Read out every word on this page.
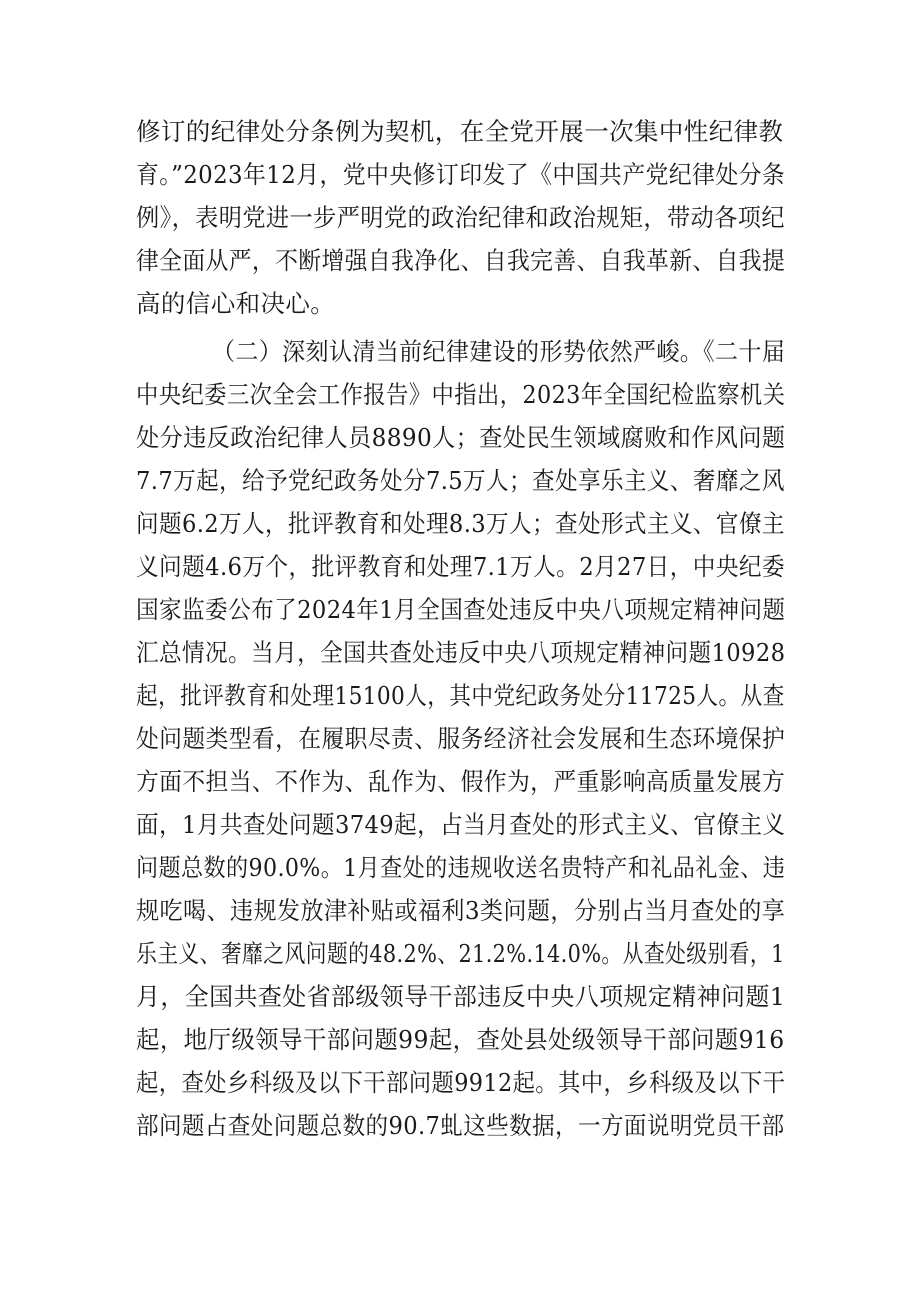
修订的纪律处分条例为契机，在全党开展一次集中性纪律教
育。”2023年12月，党中央修订印发了《中国共产党纪律处分条
例》，表明党进一步严明党的政治纪律和政治规矩，带动各项纪
律全面从严，不断增强自我净化、自我完善、自我革新、自我提
高的信心和决心。
（二）深刻认清当前纪律建设的形势依然严峻。《二十届
中央纪委三次全会工作报告》中指出，2023年全国纪检监察机关
处分违反政治纪律人员8890人；查处民生领域腐败和作风问题
7.7万起，给予党纪政务处分7.5万人；查处享乐主义、奢靡之风
问题6.2万人，批评教育和处理8.3万人；查处形式主义、官僚主
义问题4.6万个，批评教育和处理7.1万人。2月27日，中央纪委
国家监委公布了2024年1月全国查处违反中央八项规定精神问题
汇总情况。当月，全国共查处违反中央八项规定精神问题10928
起，批评教育和处理15100人，其中党纪政务处分11725人。从查
处问题类型看，在履职尽责、服务经济社会发展和生态环境保护
方面不担当、不作为、乱作为、假作为，严重影响高质量发展方
面，1月共查处问题3749起，占当月查处的形式主义、官僚主义
问题总数的90.0%。1月查处的违规收送名贵特产和礼品礼金、违
规吃喝、违规发放津补贴或福利3类问题，分别占当月查处的享
乐主义、奢靡之风问题的48.2%、21.2%.14.0%。从查处级别看，1
月，全国共查处省部级领导干部违反中央八项规定精神问题1
起，地厅级领导干部问题99起，查处县处级领导干部问题916
起，查处乡科级及以下干部问题9912起。其中，乡科级及以下干
部问题占查处问题总数的90.7虬这些数据，一方面说明党员干部
